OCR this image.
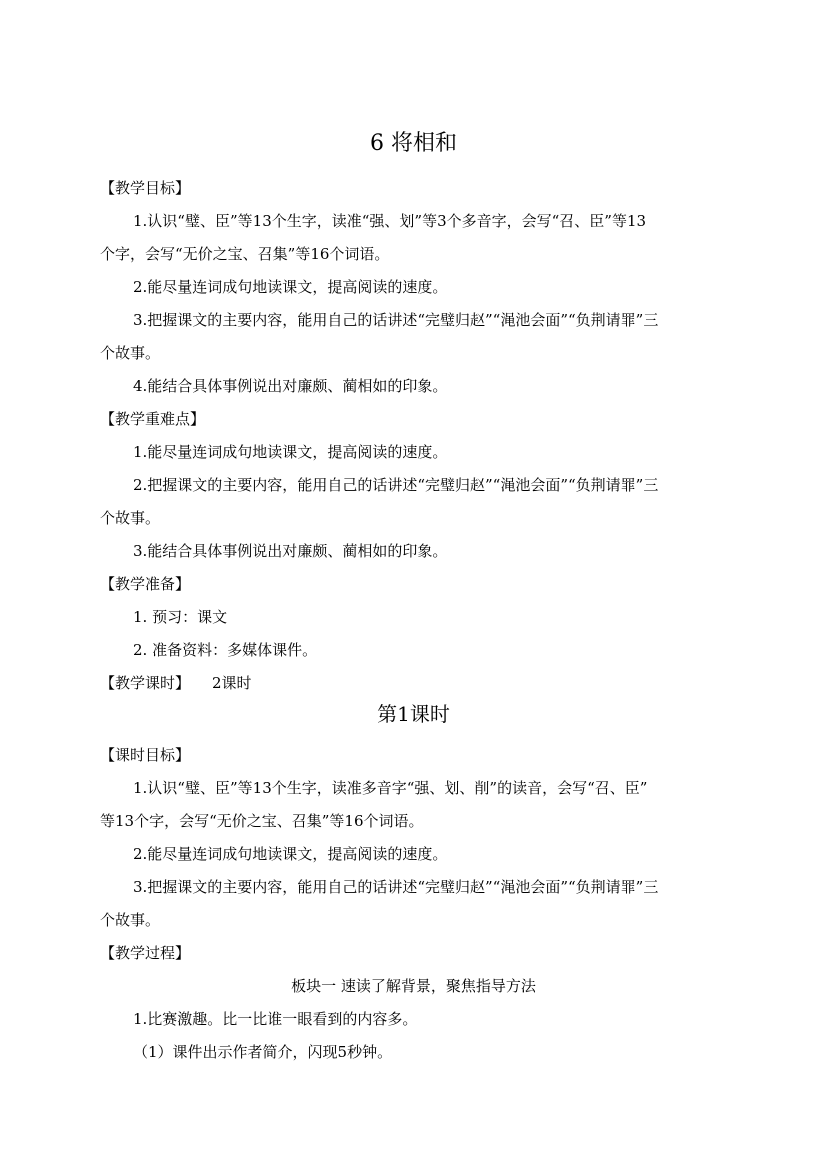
6 将相和
【教学目标】
1.认识“璧、臣”等13个生字，读准“强、划”等3个多音字，会写“召、臣”等13
个字，会写“无价之宝、召集”等16个词语。
2.能尽量连词成句地读课文，提高阅读的速度。
3.把握课文的主要内容，能用自己的话讲述“完璧归赵”“渑池会面”“负荆请罪”三
个故事。
4.能结合具体事例说出对廉颇、蔺相如的印象。
【教学重难点】
1.能尽量连词成句地读课文，提高阅读的速度。
2.把握课文的主要内容，能用自己的话讲述“完璧归赵”“渑池会面”“负荆请罪”三
个故事。
3.能结合具体事例说出对廉颇、蔺相如的印象。
【教学准备】
1. 预习：课文
2. 准备资料：多媒体课件。
【教学课时】 2课时
第1课时
【课时目标】
1.认识“璧、臣”等13个生字，读准多音字“强、划、削”的读音，会写“召、臣”
等13个字，会写“无价之宝、召集”等16个词语。
2.能尽量连词成句地读课文，提高阅读的速度。
3.把握课文的主要内容，能用自己的话讲述“完璧归赵”“渑池会面”“负荆请罪”三
个故事。
【教学过程】
板块一 速读了解背景，聚焦指导方法
1.比赛激趣。比一比谁一眼看到的内容多。
（1）课件出示作者简介，闪现5秒钟。
